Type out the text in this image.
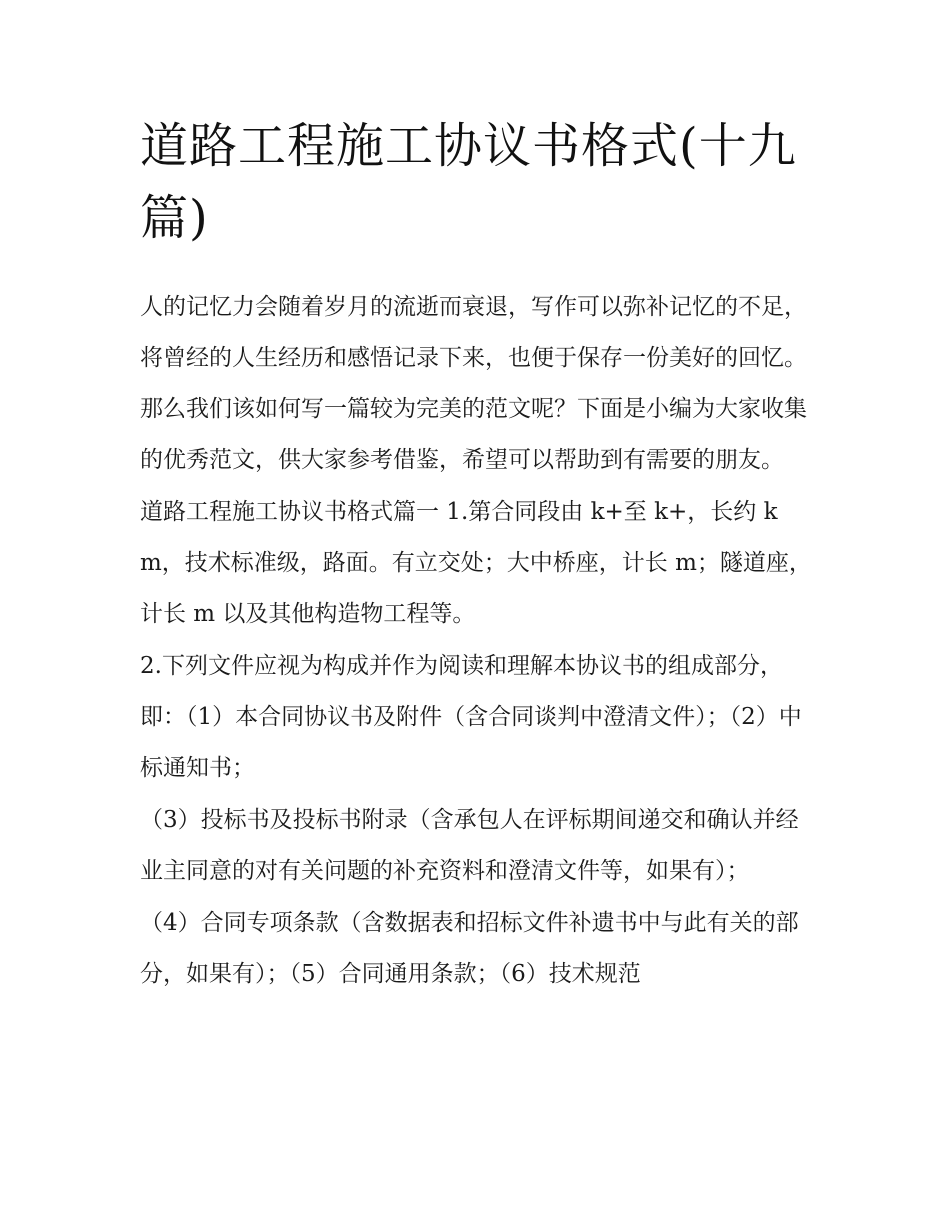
道路工程施工协议书格式(十九篇)

人的记忆力会随着岁月的流逝而衰退，写作可以弥补记忆的不足，将曾经的人生经历和感悟记录下来，也便于保存一份美好的回忆。那么我们该如何写一篇较为完美的范文呢？下面是小编为大家收集的优秀范文，供大家参考借鉴，希望可以帮助到有需要的朋友。

道路工程施工协议书格式篇一 1.第合同段由 k+至 k+，长约 km，技术标准级，路面。有立交处；大中桥座，计长 m；隧道座，计长 m 以及其他构造物工程等。

2.下列文件应视为构成并作为阅读和理解本协议书的组成部分，即：（1）本合同协议书及附件（含合同谈判中澄清文件）；（2）中标通知书；

（3）投标书及投标书附录（含承包人在评标期间递交和确认并经业主同意的对有关问题的补充资料和澄清文件等，如果有）；

（4）合同专项条款（含数据表和招标文件补遗书中与此有关的部分，如果有）；（5）合同通用条款；（6）技术规范
